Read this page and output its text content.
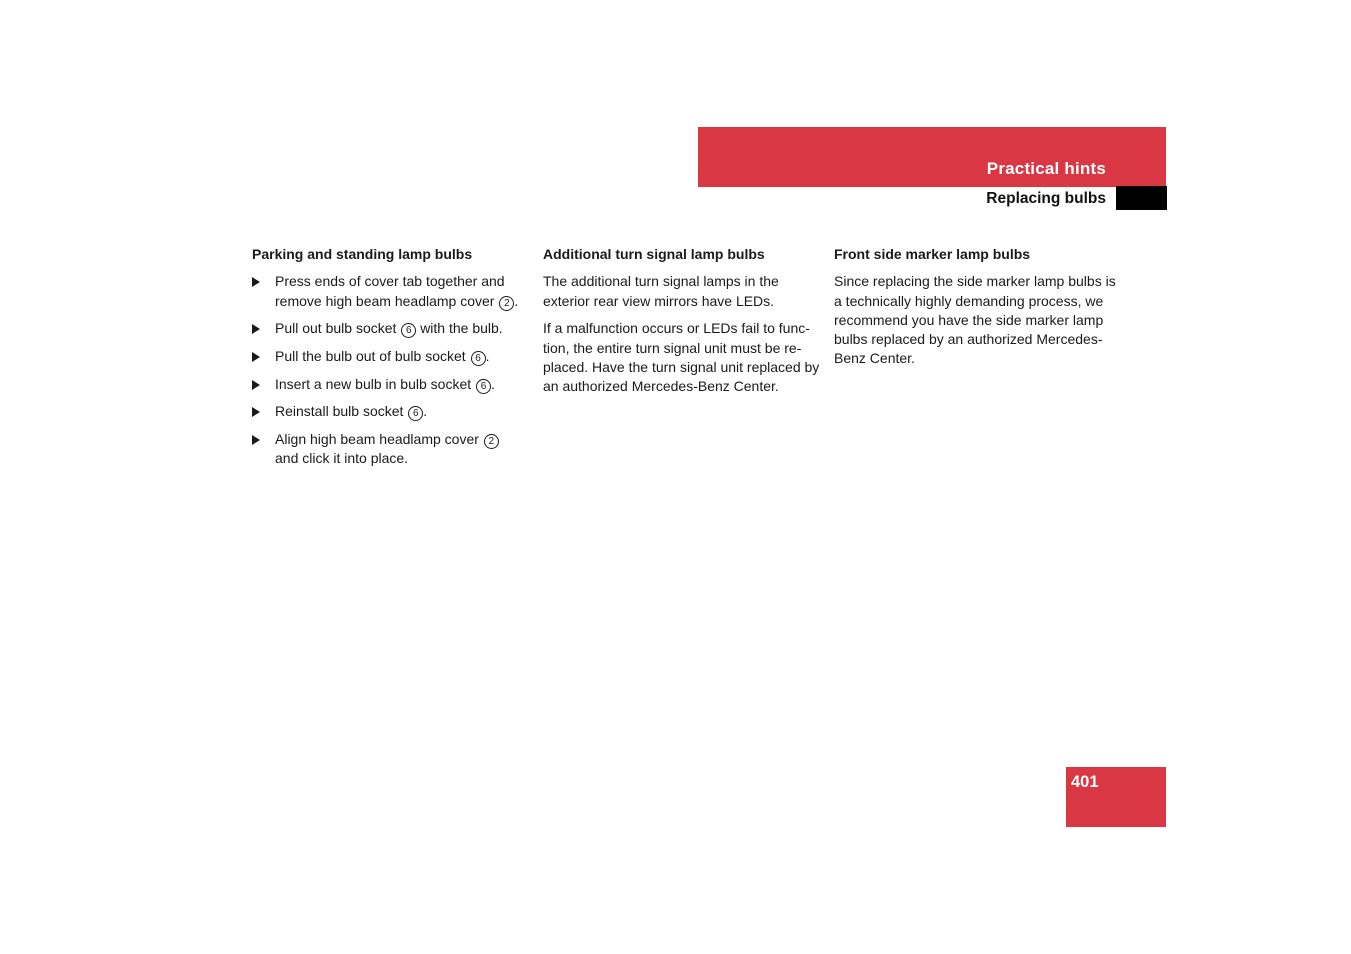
Practical hints
Replacing bulbs
Parking and standing lamp bulbs
Press ends of cover tab together and remove high beam headlamp cover 2 .
Pull out bulb socket 6 with the bulb.
Pull the bulb out of bulb socket 6 .
Insert a new bulb in bulb socket 6 .
Reinstall bulb socket 6 .
Align high beam headlamp cover 2
and click it into place.
Additional turn signal lamp bulbs

The additional turn signal lamps in the exterior rear view mirrors have LEDs.

If a malfunction occurs or LEDs fail to func-tion, the entire turn signal unit must be re-placed. Have the turn signal unit replaced by an authorized Mercedes-Benz Center.

Front side marker lamp bulbs

Since replacing the side marker lamp bulbs is a technically highly demanding process, we recommend you have the side marker lamp bulbs replaced by an authorized Mercedes-Benz Center.

401
